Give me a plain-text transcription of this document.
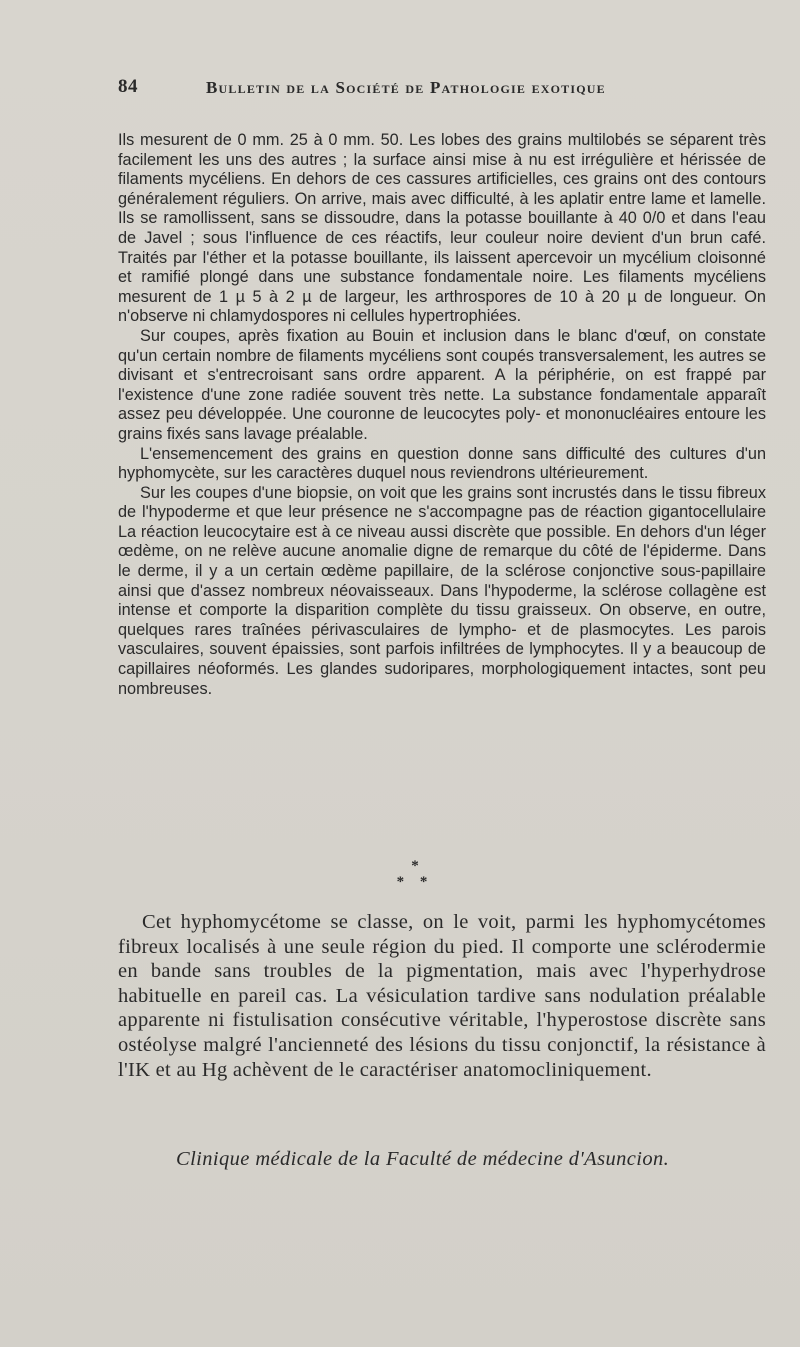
84	Bulletin de la Société de Pathologie exotique

Ils mesurent de 0 mm. 25 à 0 mm. 50. Les lobes des grains multilobés se séparent très facilement les uns des autres ; la surface ainsi mise à nu est irrégulière et hérissée de filaments mycéliens. En dehors de ces cassures artificielles, ces grains ont des contours généralement réguliers. On arrive, mais avec difficulté, à les aplatir entre lame et lamelle. Ils se ramollissent, sans se dissoudre, dans la potasse bouillante à 40 0/0 et dans l'eau de Javel ; sous l'influence de ces réactifs, leur couleur noire devient d'un brun café. Traités par l'éther et la potasse bouillante, ils laissent apercevoir un mycélium cloisonné et ramifié plongé dans une substance fondamentale noire. Les filaments mycéliens mesurent de 1 µ 5 à 2 µ de largeur, les arthrospores de 10 à 20 µ de longueur. On n'observe ni chlamydospores ni cellules hypertrophiées.

Sur coupes, après fixation au Bouin et inclusion dans le blanc d'œuf, on constate qu'un certain nombre de filaments mycéliens sont coupés transversalement, les autres se divisant et s'entrecroisant sans ordre apparent. A la périphérie, on est frappé par l'existence d'une zone radiée souvent très nette. La substance fondamentale apparaît assez peu développée. Une couronne de leucocytes poly- et mononucléaires entoure les grains fixés sans lavage préalable.

L'ensemencement des grains en question donne sans difficulté des cultures d'un hyphomycète, sur les caractères duquel nous reviendrons ultérieurement.

Sur les coupes d'une biopsie, on voit que les grains sont incrustés dans le tissu fibreux de l'hypoderme et que leur présence ne s'accompagne pas de réaction gigantocellulaire La réaction leucocytaire est à ce niveau aussi discrète que possible. En dehors d'un léger œdème, on ne relève aucune anomalie digne de remarque du côté de l'épiderme. Dans le derme, il y a un certain œdème papillaire, de la sclérose conjonctive sous-papillaire ainsi que d'assez nombreux néovaisseaux. Dans l'hypoderme, la sclérose collagène est intense et comporte la disparition complète du tissu graisseux. On observe, en outre, quelques rares traînées périvasculaires de lympho- et de plasmocytes. Les parois vasculaires, souvent épaissies, sont parfois infiltrées de lymphocytes. Il y a beaucoup de capillaires néoformés. Les glandes sudoripares, morphologiquement intactes, sont peu nombreuses.

*
* *

Cet hyphomycétome se classe, on le voit, parmi les hyphomycétomes fibreux localisés à une seule région du pied. Il comporte une sclérodermie en bande sans troubles de la pigmentation, mais avec l'hyperhydrose habituelle en pareil cas. La vésiculation tardive sans nodulation préalable apparente ni fistulisation consécutive véritable, l'hyperostose discrète sans ostéolyse malgré l'ancienneté des lésions du tissu conjonctif, la résistance à l'IK et au Hg achèvent de le caractériser anatomocliniquement.

Clinique médicale de la Faculté de médecine d'Asuncion.
